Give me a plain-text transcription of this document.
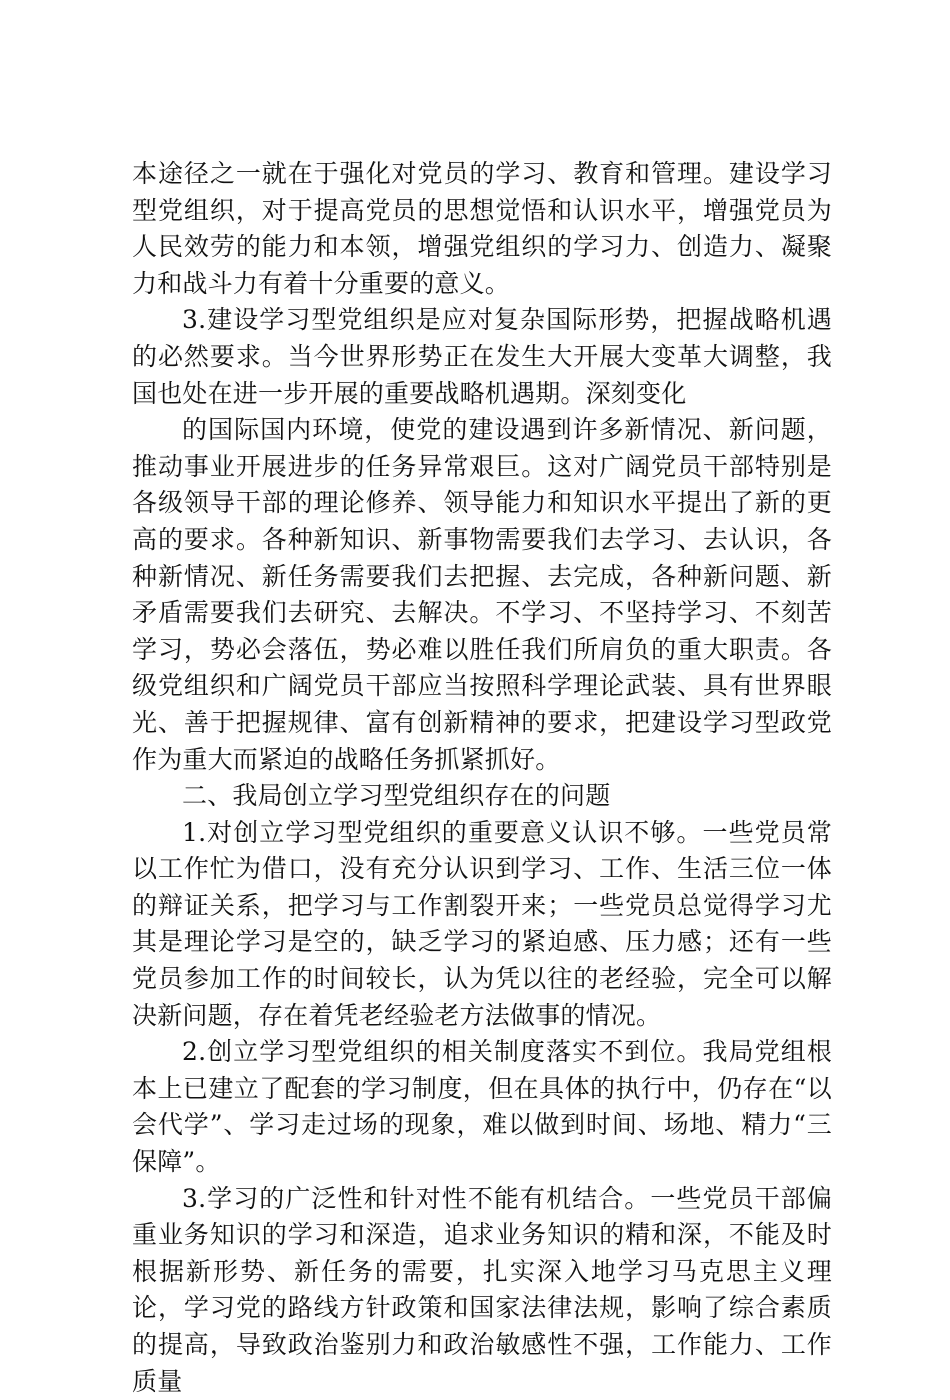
本途径之一就在于强化对党员的学习、教育和管理。建设学习型党组织，对于提高党员的思想觉悟和认识水平，增强党员为人民效劳的能力和本领，增强党组织的学习力、创造力、凝聚力和战斗力有着十分重要的意义。

3.建设学习型党组织是应对复杂国际形势，把握战略机遇的必然要求。当今世界形势正在发生大开展大变革大调整，我国也处在进一步开展的重要战略机遇期。深刻变化

的国际国内环境，使党的建设遇到许多新情况、新问题，推动事业开展进步的任务异常艰巨。这对广阔党员干部特别是各级领导干部的理论修养、领导能力和知识水平提出了新的更高的要求。各种新知识、新事物需要我们去学习、去认识，各种新情况、新任务需要我们去把握、去完成，各种新问题、新矛盾需要我们去研究、去解决。不学习、不坚持学习、不刻苦学习，势必会落伍，势必难以胜任我们所肩负的重大职责。各级党组织和广阔党员干部应当按照科学理论武装、具有世界眼光、善于把握规律、富有创新精神的要求，把建设学习型政党作为重大而紧迫的战略任务抓紧抓好。

二、我局创立学习型党组织存在的问题

1.对创立学习型党组织的重要意义认识不够。一些党员常以工作忙为借口，没有充分认识到学习、工作、生活三位一体的辩证关系，把学习与工作割裂开来；一些党员总觉得学习尤其是理论学习是空的，缺乏学习的紧迫感、压力感；还有一些党员参加工作的时间较长，认为凭以往的老经验，完全可以解决新问题，存在着凭老经验老方法做事的情况。

2.创立学习型党组织的相关制度落实不到位。我局党组根本上已建立了配套的学习制度，但在具体的执行中，仍存在“以会代学”、学习走过场的现象，难以做到时间、场地、精力“三保障”。

3.学习的广泛性和针对性不能有机结合。一些党员干部偏重业务知识的学习和深造，追求业务知识的精和深，不能及时根据新形势、新任务的需要，扎实深入地学习马克思主义理论，学习党的路线方针政策和国家法律法规，影响了综合素质的提高，导致政治鉴别力和政治敏感性不强，工作能力、工作质量
